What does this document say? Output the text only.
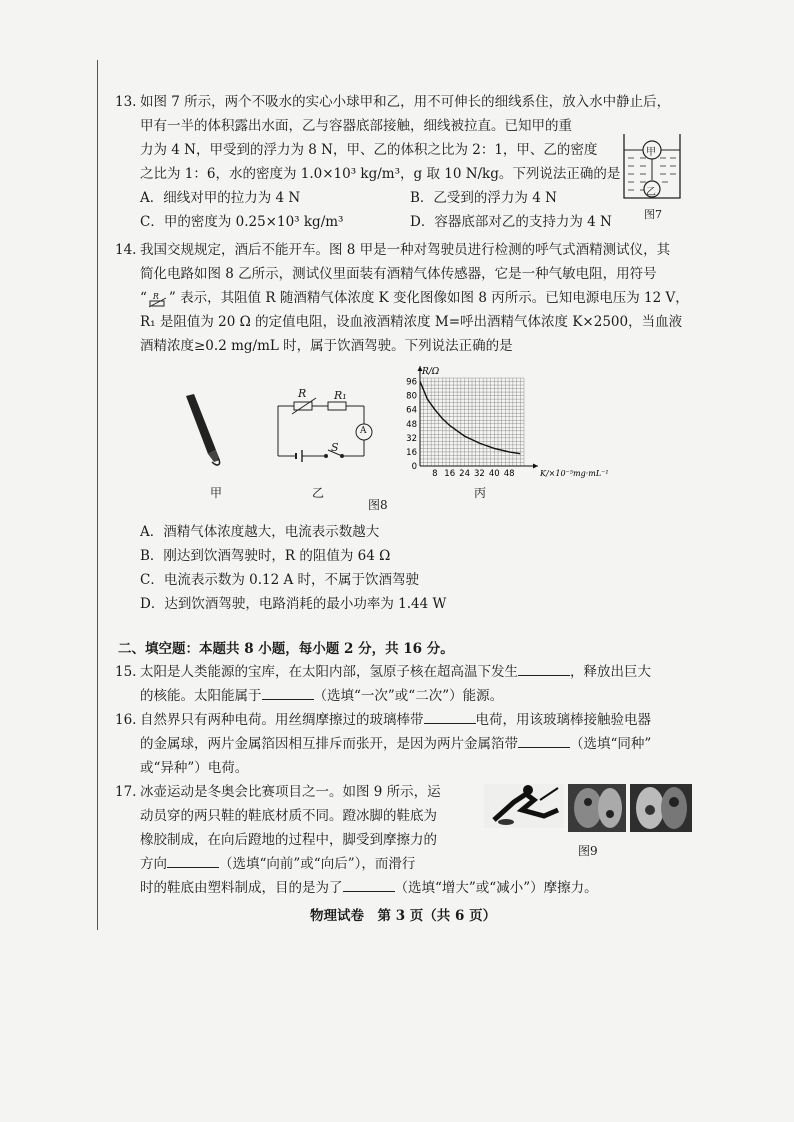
13. 如图 7 所示，两个不吸水的实心小球甲和乙，用不可伸长的细线系住，放入水中静止后，
甲有一半的体积露出水面，乙与容器底部接触，细线被拉直。已知甲的重
力为 4 N，甲受到的浮力为 8 N，甲、乙的体积之比为 2：1，甲、乙的密度
之比为 1：6，水的密度为 1.0×10³ kg/m³，g 取 10 N/kg。下列说法正确的是
A．细线对甲的拉力为 4 N	B．乙受到的浮力为 4 N
C．甲的密度为 0.25×10³ kg/m³	D．容器底部对乙的支持力为 4 N
甲
乙
图7
14. 我国交规规定，酒后不能开车。图 8 甲是一种对驾驶员进行检测的呼气式酒精测试仪，其
简化电路如图 8 乙所示，测试仪里面装有酒精气体传感器，它是一种气敏电阻，用符号
“ R ” 表示，其阻值 R 随酒精气体浓度 K 变化图像如图 8 丙所示。已知电源电压为 12 V，
R₁ 是阻值为 20 Ω 的定值电阻，设血液酒精浓度 M=呼出酒精气体浓度 K×2500，当血液
酒精浓度≥0.2 mg/mL 时，属于饮酒驾驶。下列说法正确的是
甲
R	R₁
A
S
乙
0
16
32
48
64
80
96
8 16 24 32 40 48
R/Ω
K/×10⁻⁵mg·mL⁻¹
丙
图8
A．酒精气体浓度越大，电流表示数越大
B．刚达到饮酒驾驶时，R 的阻值为 64 Ω
C．电流表示数为 0.12 A 时，不属于饮酒驾驶
D．达到饮酒驾驶，电路消耗的最小功率为 1.44 W
二、填空题：本题共 8 小题，每小题 2 分，共 16 分。
15. 太阳是人类能源的宝库，在太阳内部，氢原子核在超高温下发生	，释放出巨大
的核能。太阳能属于	（选填“一次”或“二次”）能源。
16. 自然界只有两种电荷。用丝绸摩擦过的玻璃棒带	电荷，用该玻璃棒接触验电器
的金属球，两片金属箔因相互排斥而张开，是因为两片金属箔带	（选填“同种”
或“异种”）电荷。
17. 冰壶运动是冬奥会比赛项目之一。如图 9 所示，运
动员穿的两只鞋的鞋底材质不同。蹬冰脚的鞋底为
橡胶制成，在向后蹬地的过程中，脚受到摩擦力的
方向	（选填“向前”或“向后”），而滑行
时的鞋底由塑料制成，目的是为了	（选填“增大”或“减小”）摩擦力。
图9
物理试卷　第 3 页（共 6 页）
